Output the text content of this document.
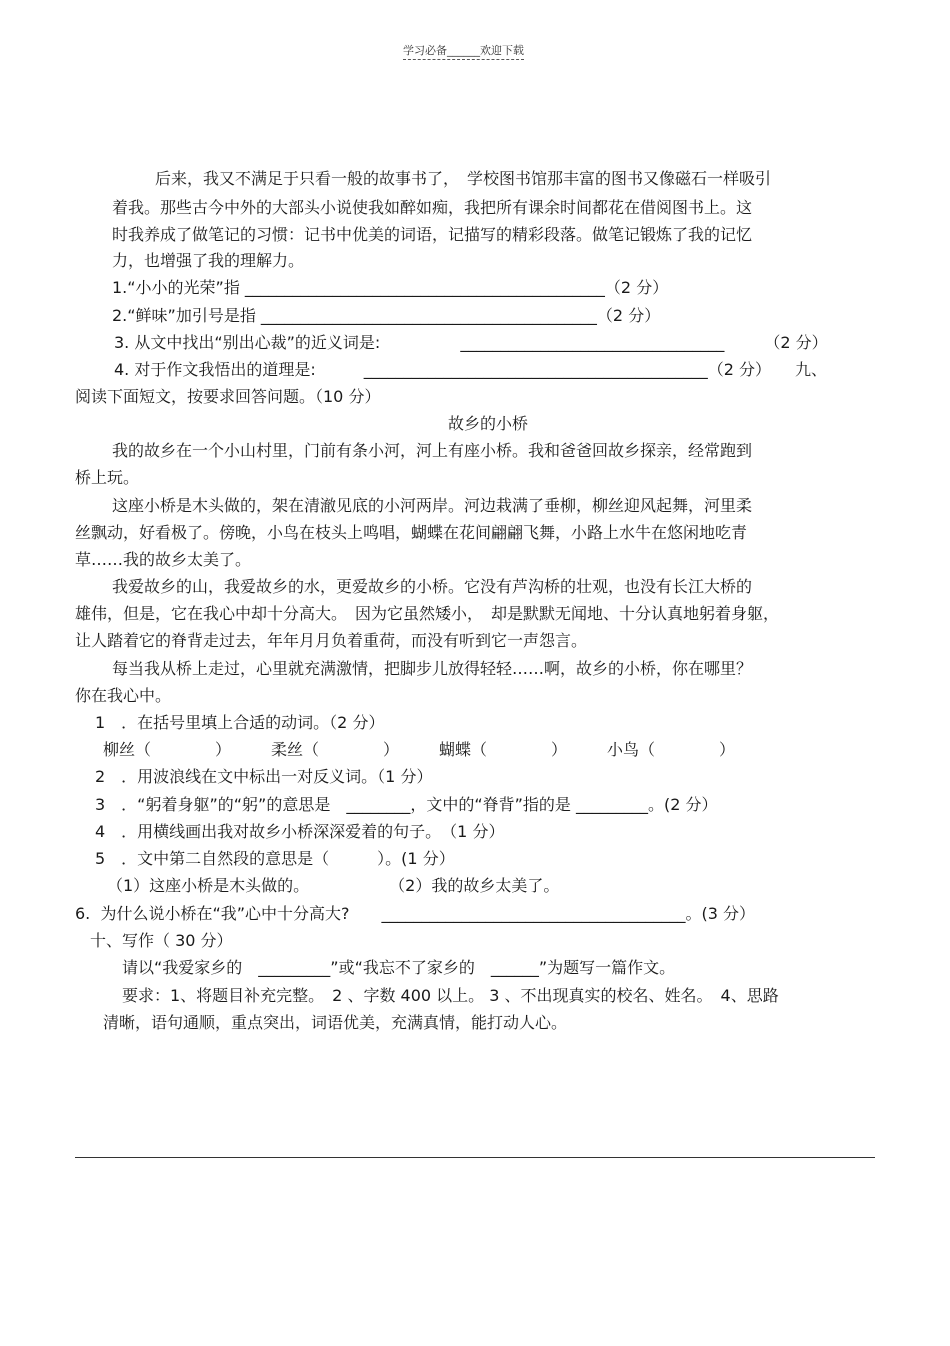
学习必备______欢迎下载
后来，我又不满足于只看一般的故事书了，　学校图书馆那丰富的图书又像磁石一样吸引
着我。那些古今中外的大部头小说使我如醉如痴，我把所有课余时间都花在借阅图书上。这
时我养成了做笔记的习惯：记书中优美的词语，记描写的精彩段落。做笔记锻炼了我的记忆
力，也增强了我的理解力。
1.“小小的光荣”指 _____________________________________________（2 分）
2.“鲜味”加引号是指 __________________________________________（2 分）
3. 从文中找出“别出心裁”的近义词是:　　　　　_________________________________　　　（2 分）
4. 对于作文我悟出的道理是:　　　___________________________________________（2 分）　　九、
阅读下面短文，按要求回答问题。（10 分）
故乡的小桥
我的故乡在一个小山村里，门前有条小河，河上有座小桥。我和爸爸回故乡探亲，经常跑到
桥上玩。
这座小桥是木头做的，架在清澈见底的小河两岸。河边栽满了垂柳，柳丝迎风起舞，河里柔
丝飘动，好看极了。傍晚，小鸟在枝头上鸣唱，蝴蝶在花间翩翩飞舞，小路上水牛在悠闲地吃青
草……我的故乡太美了。
我爱故乡的山，我爱故乡的水，更爱故乡的小桥。它没有芦沟桥的壮观，也没有长江大桥的
雄伟，但是，它在我心中却十分高大。　因为它虽然矮小，　却是默默无闻地、十分认真地躬着身躯，
让人踏着它的脊背走过去，年年月月负着重荷，而没有听到它一声怨言。
每当我从桥上走过，心里就充满激情，把脚步儿放得轻轻……啊，故乡的小桥，你在哪里？
你在我心中。
1　．在括号里填上合适的动词。（2 分）
柳丝（　　　　）　　　柔丝（　　　　）　　　蝴蝶（　　　　）　　　小鸟（　　　　）
2　．用波浪线在文中标出一对反义词。（1 分）
3　．“躬着身躯”的“躬”的意思是　________，文中的“脊背”指的是 _________。(2 分）
4　．用横线画出我对故乡小桥深深爱着的句子。　（1 分）
5　．文中第二自然段的意思是（　　　）。(1 分）
（1）这座小桥是木头做的。　　　　　　（2）我的故乡太美了。
6.  为什么说小桥在“我”心中十分高大?　　______________________________________。(3 分）
十、写作（ 30 分）
请以“我爱家乡的　_________”或“我忘不了家乡的　______”为题写一篇作文。
要求：1、将题目补充完整。　2 、字数 400 以上。 3 、不出现真实的校名、姓名。　4、思路
清晰，语句通顺，重点突出，词语优美，充满真情，能打动人心。
